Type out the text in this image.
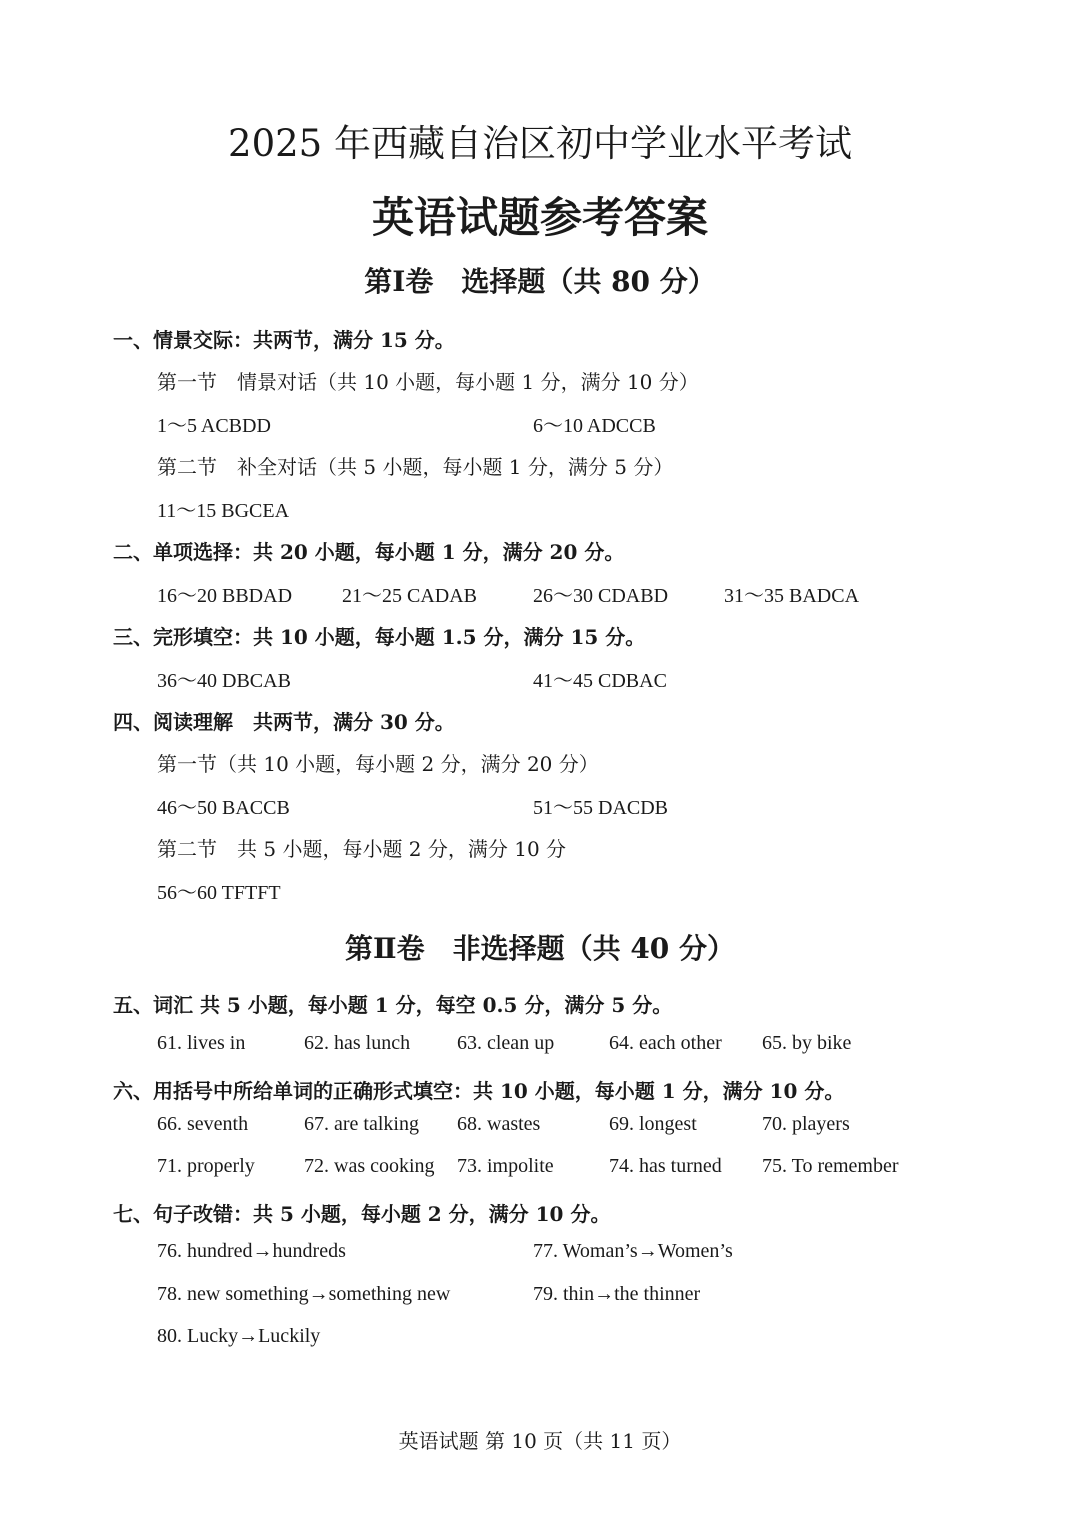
2025 年西藏自治区初中学业水平考试
英语试题参考答案
第Ⅰ卷　选择题（共 80 分）
一、情景交际：共两节，满分 15 分。
第一节　情景对话（共 10 小题，每小题 1 分，满分 10 分）
1～5 ACBDD	6～10 ADCCB
第二节　补全对话（共 5 小题，每小题 1 分，满分 5 分）
11～15 BGCEA
二、单项选择：共 20 小题，每小题 1 分，满分 20 分。
16～20 BBDAD 21～25 CADAB	26～30 CDABD	31～35 BADCA
三、完形填空：共 10 小题，每小题 1.5 分，满分 15 分。
36～40 DBCAB	41～45 CDBAC
四、阅读理解　共两节，满分 30 分。
第一节（共 10 小题，每小题 2 分，满分 20 分）
46～50 BACCB	51～55 DACDB
第二节　共 5 小题，每小题 2 分，满分 10 分
56～60 TFTFT
第Ⅱ卷　非选择题（共 40 分）
五、词汇 共 5 小题，每小题 1 分，每空 0.5 分，满分 5 分。
61. lives in	62. has lunch 63. clean up	64. each other 65. by bike
六、用括号中所给单词的正确形式填空：共 10 小题，每小题 1 分，满分 10 分。
66. seventh	67. are talking 68. wastes	69. longest	70. players
71. properly 72. was cooking 73. impolite	74. has turned 75. To remember
七、句子改错：共 5 小题，每小题 2 分，满分 10 分。
76. hundred→hundreds	77. Woman’s→Women’s
78. new something→something new	79. thin→the thinner
80. Lucky→Luckily
英语试题 第 10 页（共 11 页）
